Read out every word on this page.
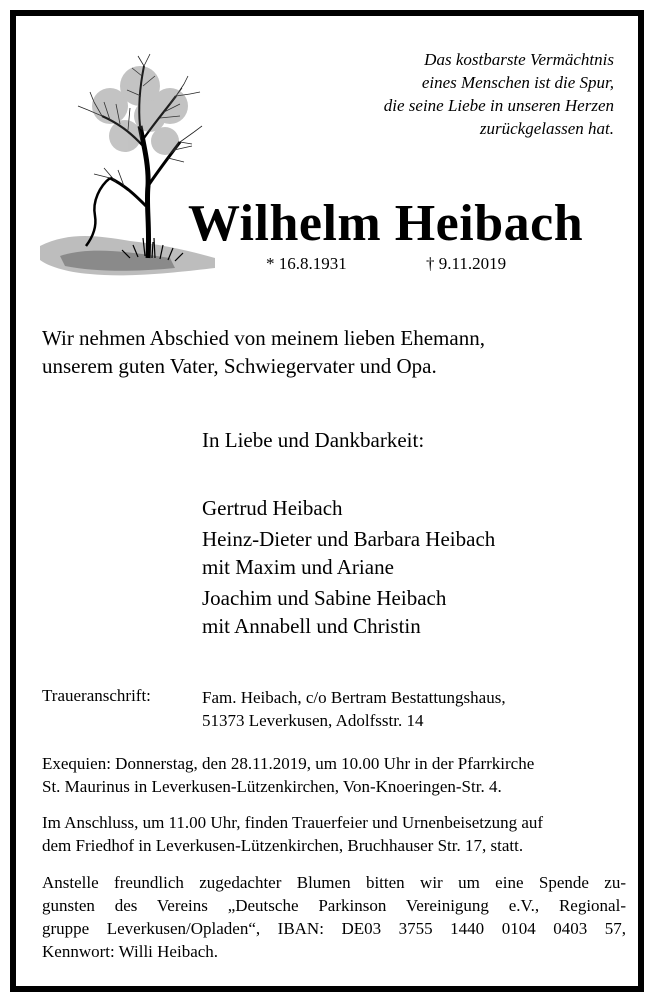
Das kostbarste Vermächtnis
eines Menschen ist die Spur,
die seine Liebe in unseren Herzen
zurückgelassen hat.
Wilhelm Heibach
* 16.8.1931	† 9.11.2019
Wir nehmen Abschied von meinem lieben Ehemann,
unserem guten Vater, Schwiegervater und Opa.
In Liebe und Dankbarkeit:
Gertrud Heibach
Heinz-Dieter und Barbara Heibach
mit Maxim und Ariane
Joachim und Sabine Heibach
mit Annabell und Christin
Traueranschrift:	Fam. Heibach, c/o Bertram Bestattungshaus,
51373 Leverkusen, Adolfsstr. 14
Exequien: Donnerstag, den 28.11.2019, um 10.00 Uhr in der Pfarrkirche
St. Maurinus in Leverkusen-Lützenkirchen, Von-Knoeringen-Str. 4.
Im Anschluss, um 11.00 Uhr, finden Trauerfeier und Urnenbeisetzung auf
dem Friedhof in Leverkusen-Lützenkirchen, Bruchhauser Str. 17, statt.
Anstelle freundlich zugedachter Blumen bitten wir um eine Spende zu-
gunsten des Vereins „Deutsche Parkinson Vereinigung e.V., Regional-
gruppe Leverkusen/Opladen“, IBAN: DE03 3755 1440 0104 0403 57,
Kennwort: Willi Heibach.
